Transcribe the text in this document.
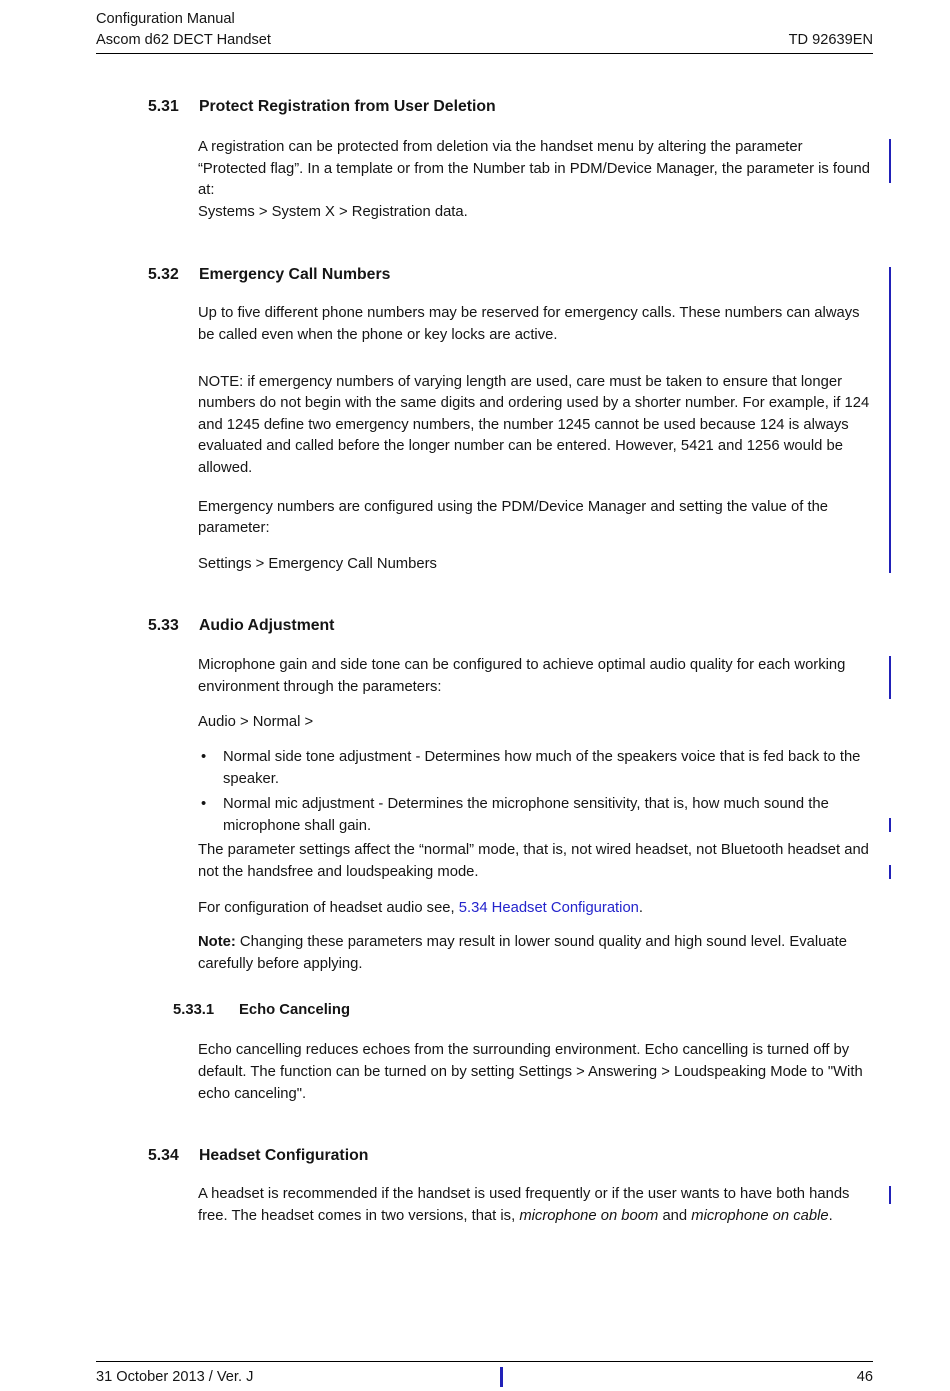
Configuration Manual
Ascom d62 DECT Handset	TD 92639EN
5.31	Protect Registration from User Deletion

A registration can be protected from deletion via the handset menu by altering the parameter “Protected flag”. In a template or from the Number tab in PDM/Device Manager, the parameter is found at:
Systems > System X > Registration data.

5.32	Emergency Call Numbers

Up to five different phone numbers may be reserved for emergency calls. These numbers can always be called even when the phone or key locks are active.

NOTE: if emergency numbers of varying length are used, care must be taken to ensure that longer numbers do not begin with the same digits and ordering used by a shorter number. For example, if 124 and 1245 define two emergency numbers, the number 1245 cannot be used because 124 is always evaluated and called before the longer number can be entered. However, 5421 and 1256 would be allowed.

Emergency numbers are configured using the PDM/Device Manager and setting the value of the parameter:

Settings > Emergency Call Numbers

5.33	Audio Adjustment

Microphone gain and side tone can be configured to achieve optimal audio quality for each working environment through the parameters:

Audio > Normal >

•	Normal side tone adjustment - Determines how much of the speakers voice that is fed back to the speaker.
•	Normal mic adjustment - Determines the microphone sensitivity, that is, how much sound the microphone shall gain.

The parameter settings affect the “normal” mode, that is, not wired headset, not Bluetooth headset and not the handsfree and loudspeaking mode.

For configuration of headset audio see, 5.34 Headset Configuration.

Note: Changing these parameters may result in lower sound quality and high sound level. Evaluate carefully before applying.

5.33.1	Echo Canceling

Echo cancelling reduces echoes from the surrounding environment. Echo cancelling is turned off by default. The function can be turned on by setting Settings > Answering > Loudspeaking Mode to "With echo canceling".

5.34	Headset Configuration

A headset is recommended if the handset is used frequently or if the user wants to have both hands free. The headset comes in two versions, that is, microphone on boom and microphone on cable.

31 October 2013 / Ver. J	46
